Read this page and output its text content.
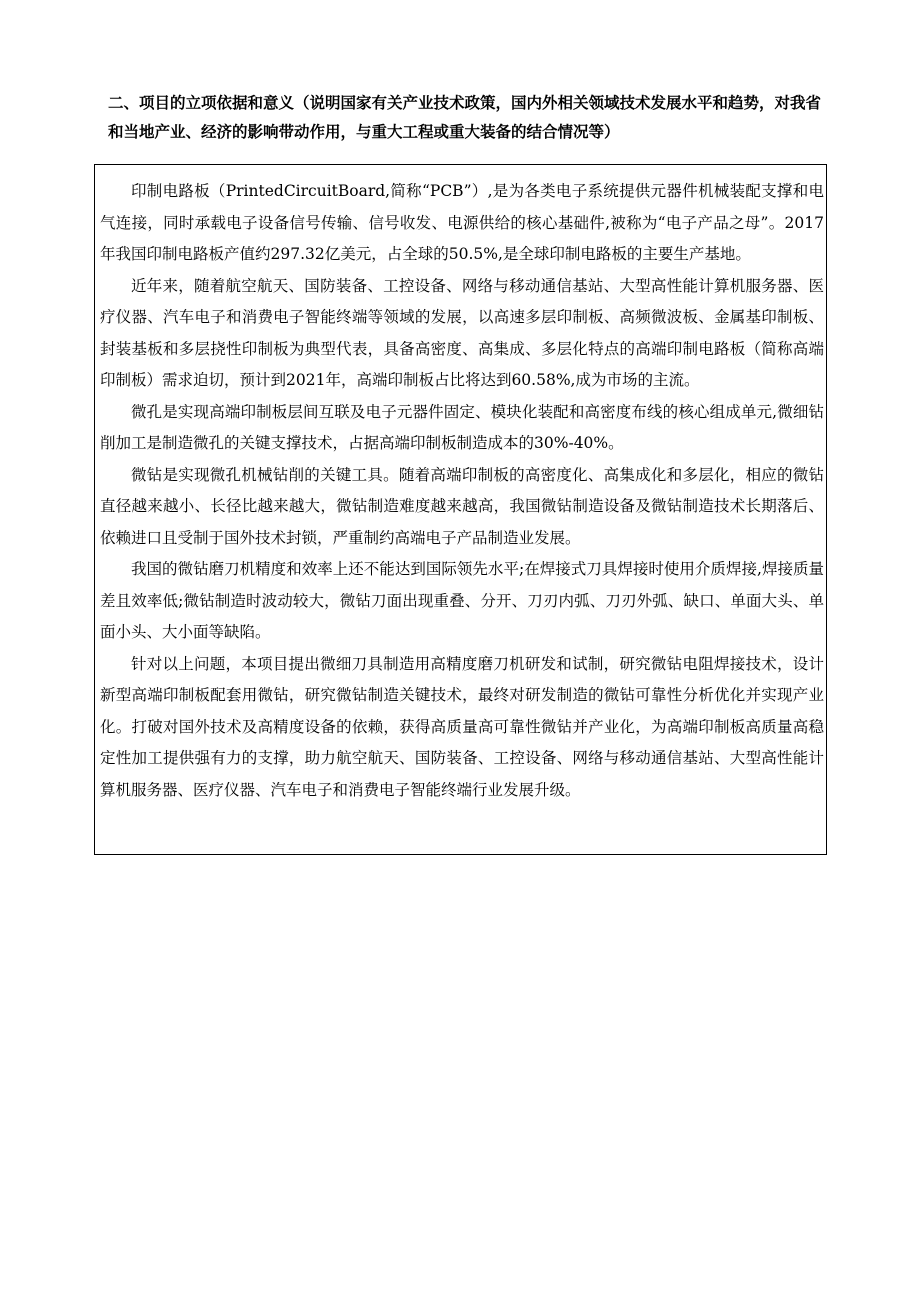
二、项目的立项依据和意义（说明国家有关产业技术政策，国内外相关领域技术发展水平和趋势，对我省和当地产业、经济的影响带动作用，与重大工程或重大装备的结合情况等）

印制电路板（PrintedCircuitBoard,简称“PCB”）,是为各类电子系统提供元器件机械装配支撑和电气连接，同时承载电子设备信号传输、信号收发、电源供给的核心基础件,被称为“电子产品之母”。2017年我国印制电路板产值约297.32亿美元，占全球的50.5%,是全球印制电路板的主要生产基地。

近年来，随着航空航天、国防装备、工控设备、网络与移动通信基站、大型高性能计算机服务器、医疗仪器、汽车电子和消费电子智能终端等领域的发展，以高速多层印制板、高频微波板、金属基印制板、封装基板和多层挠性印制板为典型代表，具备高密度、高集成、多层化特点的高端印制电路板（简称高端印制板）需求迫切，预计到2021年，高端印制板占比将达到60.58%,成为市场的主流。

微孔是实现高端印制板层间互联及电子元器件固定、模块化装配和高密度布线的核心组成单元,微细钻削加工是制造微孔的关键支撑技术，占据高端印制板制造成本的30%-40%。

微钻是实现微孔机械钻削的关键工具。随着高端印制板的高密度化、高集成化和多层化，相应的微钻直径越来越小、长径比越来越大，微钻制造难度越来越高，我国微钻制造设备及微钻制造技术长期落后、依赖进口且受制于国外技术封锁，严重制约高端电子产品制造业发展。

我国的微钻磨刀机精度和效率上还不能达到国际领先水平;在焊接式刀具焊接时使用介质焊接,焊接质量差且效率低;微钻制造时波动较大，微钻刀面出现重叠、分开、刀刃内弧、刀刃外弧、缺口、单面大头、单面小头、大小面等缺陷。

针对以上问题，本项目提出微细刀具制造用高精度磨刀机研发和试制，研究微钻电阻焊接技术，设计新型高端印制板配套用微钻，研究微钻制造关键技术，最终对研发制造的微钻可靠性分析优化并实现产业化。打破对国外技术及高精度设备的依赖，获得高质量高可靠性微钻并产业化，为高端印制板高质量高稳定性加工提供强有力的支撑，助力航空航天、国防装备、工控设备、网络与移动通信基站、大型高性能计算机服务器、医疗仪器、汽车电子和消费电子智能终端行业发展升级。
